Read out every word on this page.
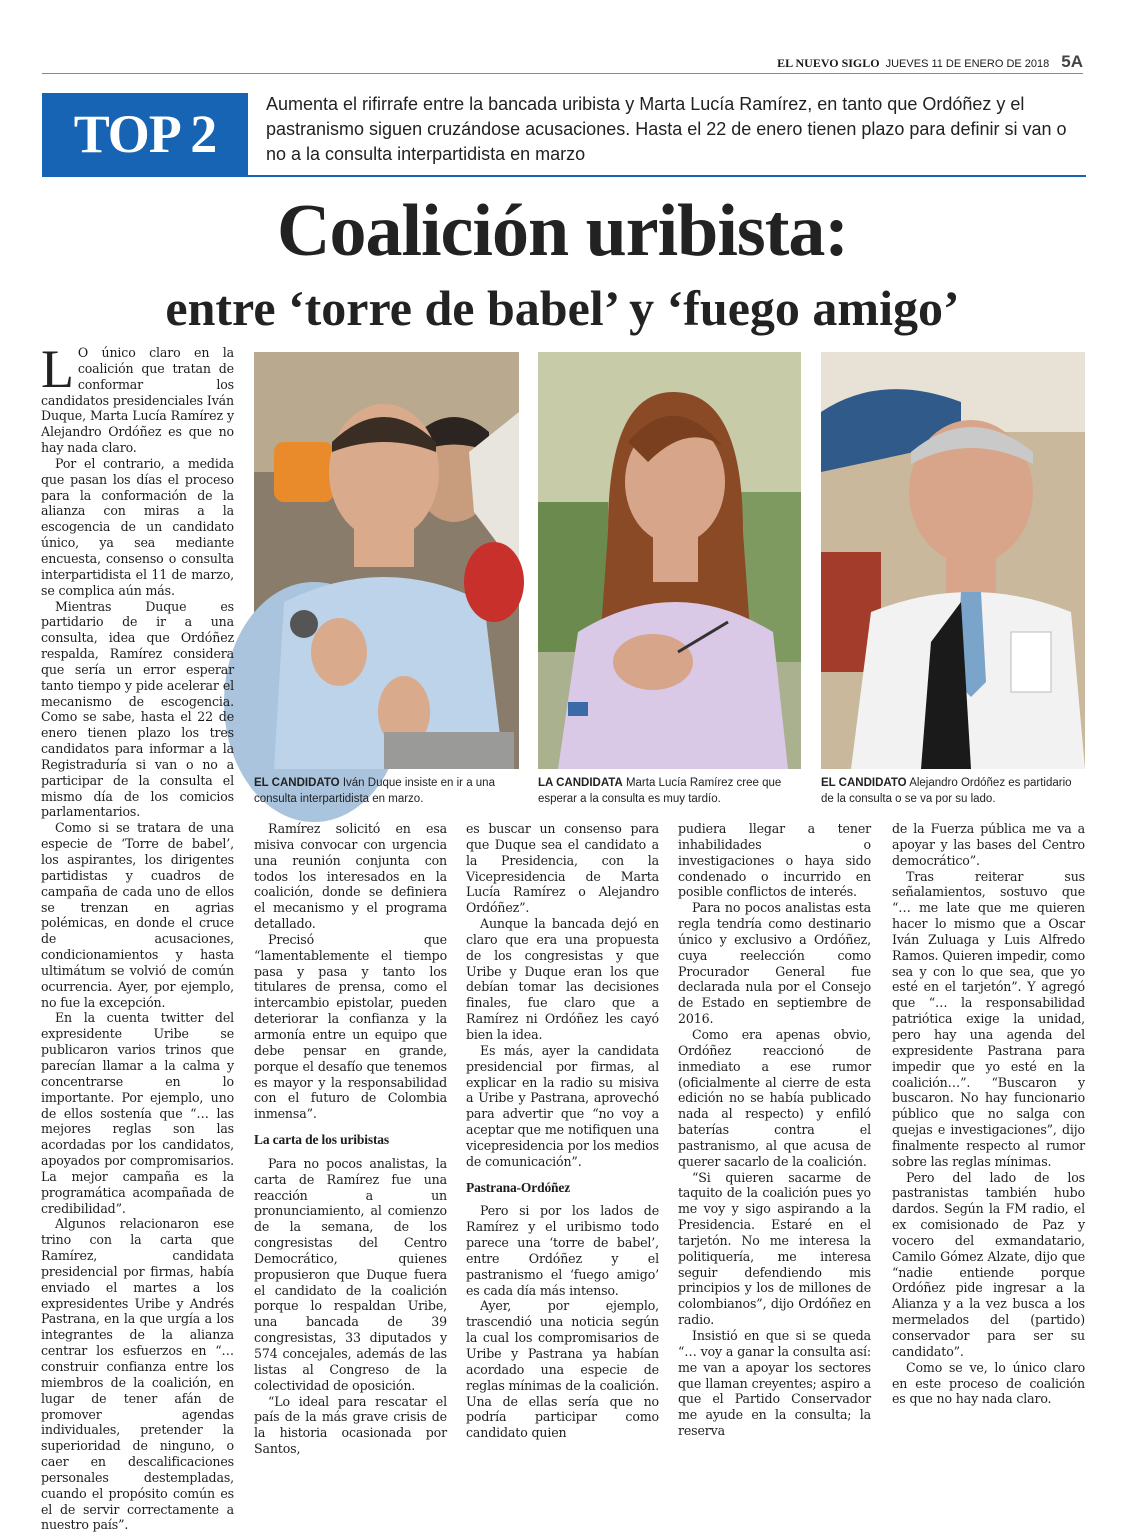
EL NUEVO SIGLO JUEVES 11 DE ENERO DE 2018 5A
TOP 2	Aumenta el rifirrafe entre la bancada uribista y Marta Lucía Ramírez, en tanto que Ordóñez y el pastranismo siguen cruzándose acusaciones. Hasta el 22 de enero tienen plazo para definir si van o no a la consulta interpartidista en marzo
Coalición uribista:
entre ‘torre de babel’ y ‘fuego amigo’
EL CANDIDATO Iván Duque insiste en ir a una consulta interpartidista en marzo.
LA CANDIDATA Marta Lucía Ramírez cree que esperar a la consulta es muy tardío.
EL CANDIDATO Alejandro Ordóñez es partidario de la consulta o se va por su lado.

L O único claro en la coalición que tratan de conformar los candidatos presidenciales Iván Duque, Marta Lucía Ramírez y Alejandro Ordóñez es que no hay nada claro.

Por el contrario, a medida que pasan los días el proceso para la conformación de la alianza con miras a la escogencia de un candidato único, ya sea mediante encuesta, consenso o consulta interpartidista el 11 de marzo, se complica aún más.

Mientras Duque es partidario de ir a una consulta, idea que Ordóñez respalda, Ramírez considera que sería un error esperar tanto tiempo y pide acelerar el mecanismo de escogencia. Como se sabe, hasta el 22 de enero tienen plazo los tres candidatos para informar a la Registraduría si van o no a participar de la consulta el mismo día de los comicios parlamentarios.

Como si se tratara de una especie de ‘Torre de babel’, los aspirantes, los dirigentes partidistas y cuadros de campaña de cada uno de ellos se trenzan en agrias polémicas, en donde el cruce de acusaciones, condicionamientos y hasta ultimátum se volvió de común ocurrencia. Ayer, por ejemplo, no fue la excepción.

En la cuenta twitter del expresidente Uribe se publicaron varios trinos que parecían llamar a la calma y concentrarse en lo importante. Por ejemplo, uno de ellos sostenía que “… las mejores reglas son las acordadas por los candidatos, apoyados por compromisarios. La mejor campaña es la programática acompañada de credibilidad”.

Algunos relacionaron ese trino con la carta que Ramírez, candidata presidencial por firmas, había enviado el martes a los expresidentes Uribe y Andrés Pastrana, en la que urgía a los integrantes de la alianza centrar los esfuerzos en “…construir confianza entre los miembros de la coalición, en lugar de tener afán de promover agendas individuales, pretender la superioridad de ninguno, o caer en descalificaciones personales destempladas, cuando el propósito común es el de servir correctamente a nuestro país”.

Ramírez solicitó en esa misiva convocar con urgencia una reunión conjunta con todos los interesados en la coalición, donde se definiera el mecanismo y el programa detallado.

Precisó que “lamentablemente el tiempo pasa y pasa y tanto los titulares de prensa, como el intercambio epistolar, pueden deteriorar la confianza y la armonía entre un equipo que debe pensar en grande, porque el desafío que tenemos es mayor y la responsabilidad con el futuro de Colombia inmensa”.

La carta de los uribistas

Para no pocos analistas, la carta de Ramírez fue una reacción a un pronunciamiento, al comienzo de la semana, de los congresistas del Centro Democrático, quienes propusieron que Duque fuera el candidato de la coalición porque lo respaldan Uribe, una bancada de 39 congresistas, 33 diputados y 574 concejales, además de las listas al Congreso de la colectividad de oposición.

“Lo ideal para rescatar el país de la más grave crisis de la historia ocasionada por Santos,

es buscar un consenso para que Duque sea el candidato a la Presidencia, con la Vicepresidencia de Marta Lucía Ramírez o Alejandro Ordóñez”.

Aunque la bancada dejó en claro que era una propuesta de los congresistas y que Uribe y Duque eran los que debían tomar las decisiones finales, fue claro que a Ramírez ni Ordóñez les cayó bien la idea.

Es más, ayer la candidata presidencial por firmas, al explicar en la radio su misiva a Uribe y Pastrana, aprovechó para advertir que “no voy a aceptar que me notifiquen una vicepresidencia por los medios de comunicación”.

Pastrana-Ordóñez

Pero si por los lados de Ramírez y el uribismo todo parece una ‘torre de babel’, entre Ordóñez y el pastranismo el ‘fuego amigo’ es cada día más intenso.

Ayer, por ejemplo, trascendió una noticia según la cual los compromisarios de Uribe y Pastrana ya habían acordado una especie de reglas mínimas de la coalición. Una de ellas sería que no podría participar como candidato quien

pudiera llegar a tener inhabilidades o investigaciones o haya sido condenado o incurrido en posible conflictos de interés.

Para no pocos analistas esta regla tendría como destinario único y exclusivo a Ordóñez, cuya reelección como Procurador General fue declarada nula por el Consejo de Estado en septiembre de 2016.

Como era apenas obvio, Ordóñez reaccionó de inmediato a ese rumor (oficialmente al cierre de esta edición no se había publicado nada al respecto) y enfiló baterías contra el pastranismo, al que acusa de querer sacarlo de la coalición.

“Si quieren sacarme de taquito de la coalición pues yo me voy y sigo aspirando a la Presidencia. Estaré en el tarjetón. No me interesa la politiquería, me interesa seguir defendiendo mis principios y los de millones de colombianos”, dijo Ordóñez en radio.

Insistió en que si se queda “… voy a ganar la consulta así: me van a apoyar los sectores que llaman creyentes; aspiro a que el Partido Conservador me ayude en la consulta; la reserva

de la Fuerza pública me va a apoyar y las bases del Centro democrático”.

Tras reiterar sus señalamientos, sostuvo que “… me late que me quieren hacer lo mismo que a Oscar Iván Zuluaga y Luis Alfredo Ramos. Quieren impedir, como sea y con lo que sea, que yo esté en el tarjetón”. Y agregó que “… la responsabilidad patriótica exige la unidad, pero hay una agenda del expresidente Pastrana para impedir que yo esté en la coalición…”. “Buscaron y buscaron. No hay funcionario público que no salga con quejas e investigaciones”, dijo finalmente respecto al rumor sobre las reglas mínimas.

Pero del lado de los pastranistas también hubo dardos. Según la FM radio, el ex comisionado de Paz y vocero del exmandatario, Camilo Gómez Alzate, dijo que “nadie entiende porque Ordóñez pide ingresar a la Alianza y a la vez busca a los mermelados del (partido) conservador para ser su candidato”.

Como se ve, lo único claro en este proceso de coalición es que no hay nada claro.
